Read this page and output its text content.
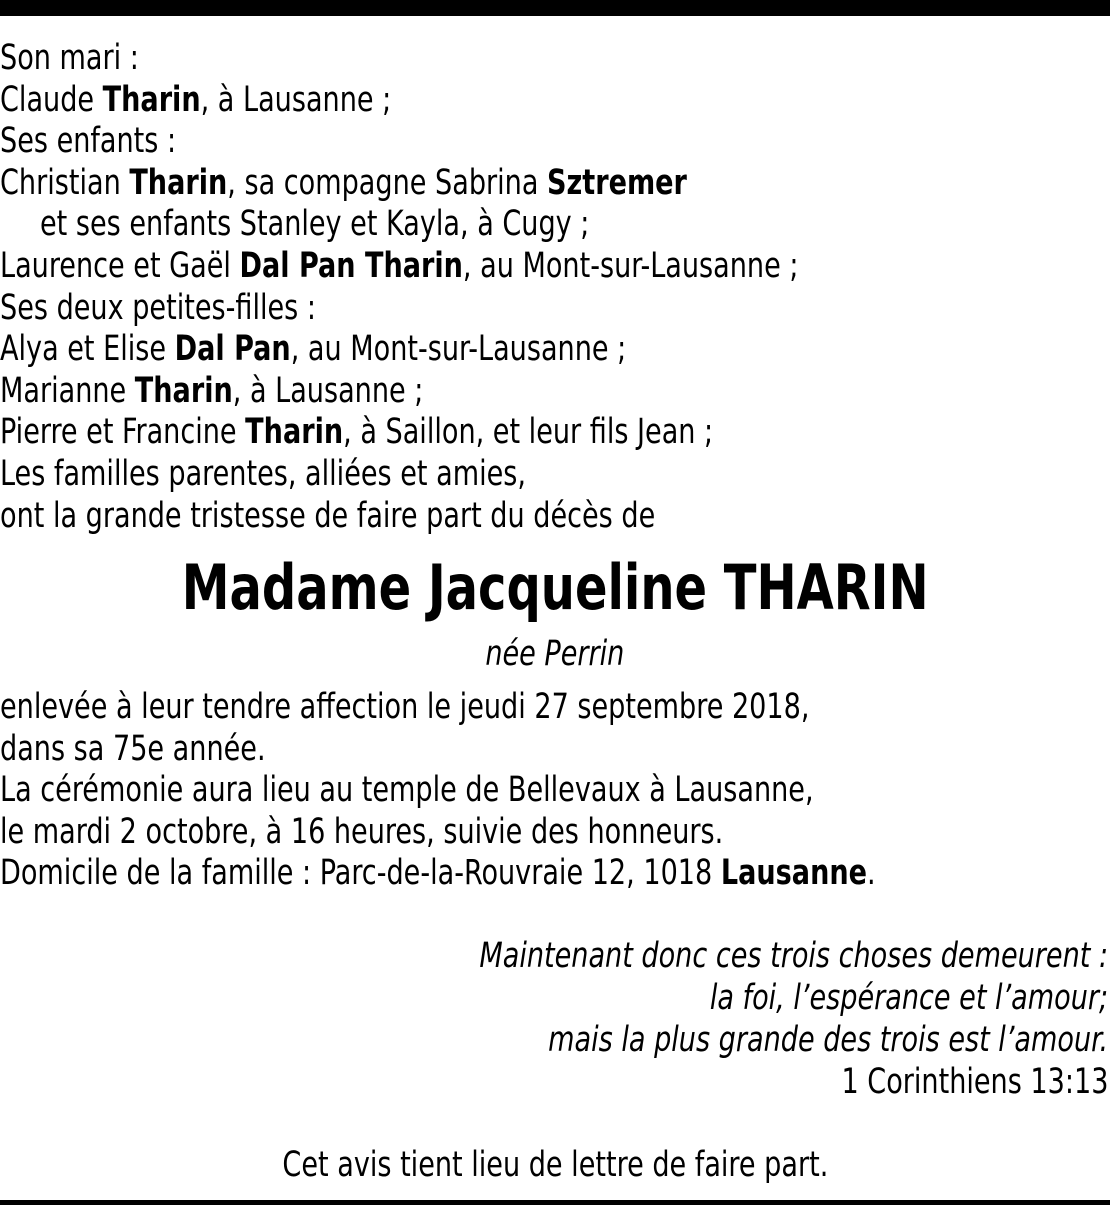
Son mari :
Claude Tharin, à Lausanne ;
Ses enfants :
Christian Tharin, sa compagne Sabrina Sztremer
et ses enfants Stanley et Kayla, à Cugy ;
Laurence et Gaël Dal Pan Tharin, au Mont-sur-Lausanne ;
Ses deux petites-filles :
Alya et Elise Dal Pan, au Mont-sur-Lausanne ;
Marianne Tharin, à Lausanne ;
Pierre et Francine Tharin, à Saillon, et leur fils Jean ;
Les familles parentes, alliées et amies,
ont la grande tristesse de faire part du décès de
Madame Jacqueline THARIN
née Perrin
enlevée à leur tendre affection le jeudi 27 septembre 2018,
dans sa 75e année.
La cérémonie aura lieu au temple de Bellevaux à Lausanne,
le mardi 2 octobre, à 16 heures, suivie des honneurs.
Domicile de la famille : Parc-de-la-Rouvraie 12, 1018 Lausanne.
Maintenant donc ces trois choses demeurent :
la foi, l’espérance et l’amour;
mais la plus grande des trois est l’amour.
1 Corinthiens 13:13
Cet avis tient lieu de lettre de faire part.
